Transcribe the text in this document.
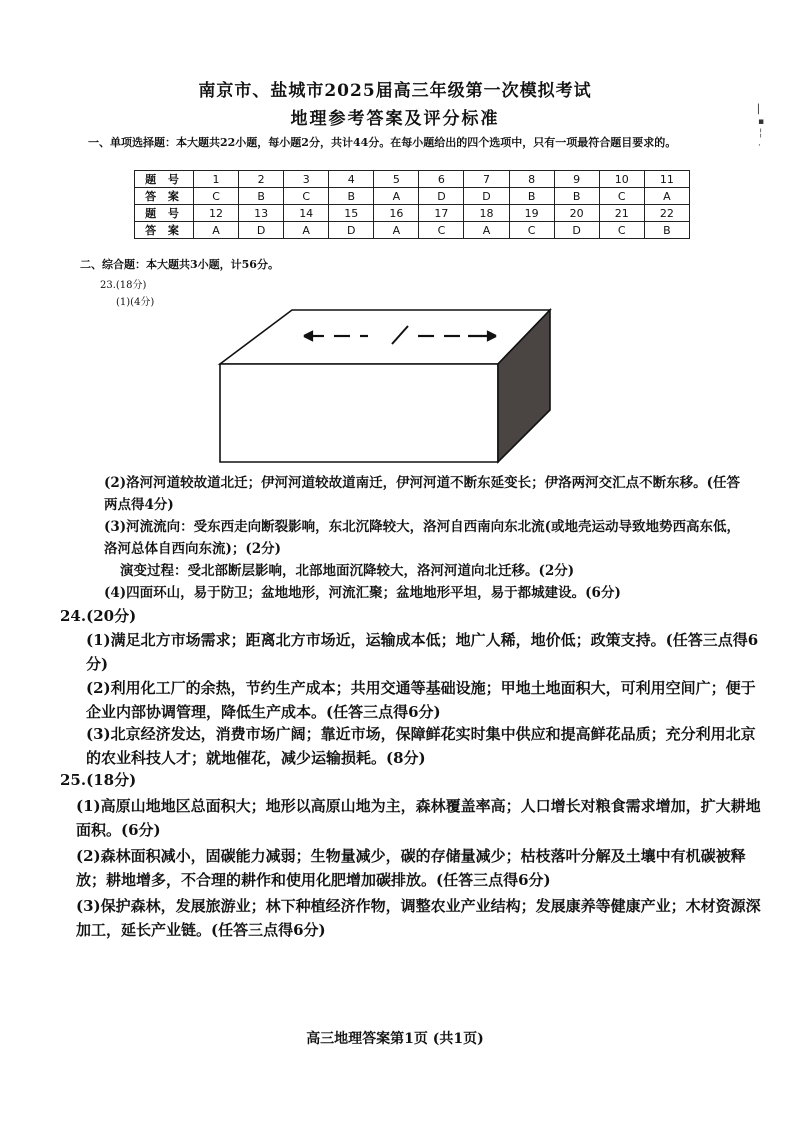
南京市、盐城市2025届高三年级第一次模拟考试
地理参考答案及评分标准	▏
▪
╎
·
一、单项选择题：本大题共22小题，每小题2分，共计44分。在每小题给出的四个选项中，只有一项最符合题目要求的。
题 号	1	2	3	4	5	6	7	8	9	10	11
答 案	C	B	C	B	A	D	D	B	B	C	A
题 号	12	13	14	15	16	17	18	19	20	21	22
答 案	A	D	A	D	A	C	A	C	D	C	B
二、综合题：本大题共3小题，计56分。
23.(18分)
(1)(4分)
(2)洛河河道较故道北迁；伊河河道较故道南迁，伊河河道不断东延变长；伊洛两河交汇点不断东移。(任答两点得4分)
(3)河流流向：受东西走向断裂影响，东北沉降较大，洛河自西南向东北流(或地壳运动导致地势西高东低，洛河总体自西向东流)；(2分)
演变过程：受北部断层影响，北部地面沉降较大，洛河河道向北迁移。(2分)
(4)四面环山，易于防卫；盆地地形，河流汇聚；盆地地形平坦，易于都城建设。(6分)
24.(20分)
(1)满足北方市场需求；距离北方市场近，运输成本低；地广人稀，地价低；政策支持。(任答三点得6分)
(2)利用化工厂的余热，节约生产成本；共用交通等基础设施；甲地土地面积大，可利用空间广；便于企业内部协调管理，降低生产成本。(任答三点得6分)
(3)北京经济发达，消费市场广阔；靠近市场，保障鲜花实时集中供应和提高鲜花品质；充分利用北京的农业科技人才；就地催花，减少运输损耗。(8分)
25.(18分)
(1)高原山地地区总面积大；地形以高原山地为主，森林覆盖率高；人口增长对粮食需求增加，扩大耕地面积。(6分)
(2)森林面积减小，固碳能力减弱；生物量减少，碳的存储量减少；枯枝落叶分解及土壤中有机碳被释放；耕地增多，不合理的耕作和使用化肥增加碳排放。(任答三点得6分)
(3)保护森林，发展旅游业；林下种植经济作物，调整农业产业结构；发展康养等健康产业；木材资源深加工，延长产业链。(任答三点得6分)
高三地理答案第1页 (共1页)
